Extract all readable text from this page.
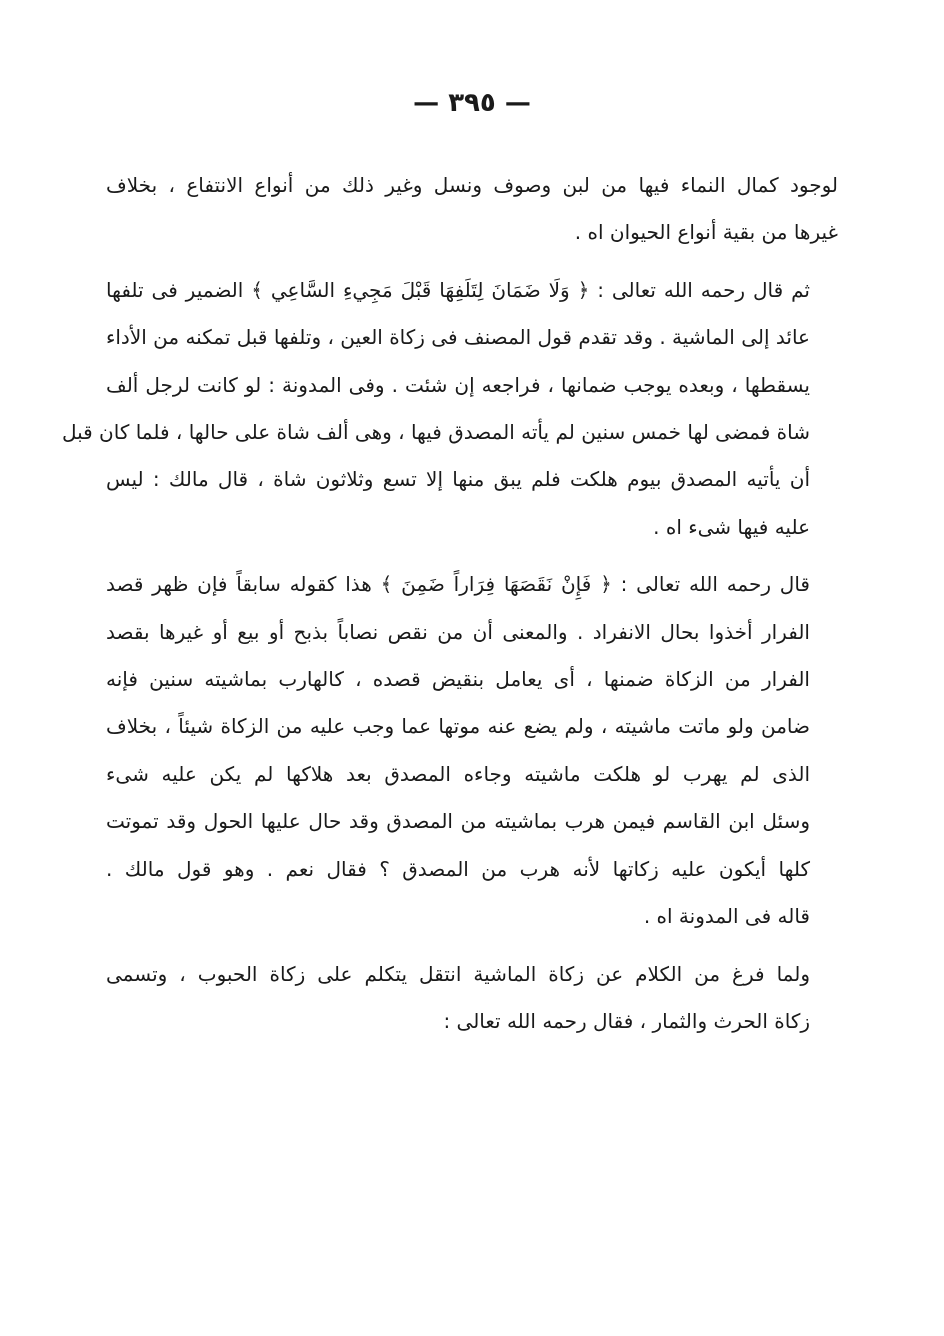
— ٣٩٥ —

لوجود كمال النماء فيها من لبن وصوف ونسل وغير ذلك من أنواع الانتفاع ، بخلاف
غيرها من بقية أنواع الحيوان اه .

ثم قال رحمه الله تعالى : ﴿ وَلَا ضَمَانَ لِتَلَفِهَا قَبْلَ مَجِيءِ السَّاعِي ﴾ الضمير فى تلفها
عائد إلى الماشية . وقد تقدم قول المصنف فى زكاة العين ، وتلفها قبل تمكنه من الأداء
يسقطها ، وبعده يوجب ضمانها ، فراجعه إن شئت . وفى المدونة : لو كانت لرجل ألف
شاة فمضى لها خمس سنين لم يأته المصدق فيها ، وهى ألف شاة على حالها ، فلما كان قبل
أن يأتيه المصدق بيوم هلكت فلم يبق منها إلا تسع وثلاثون شاة ، قال مالك : ليس
عليه فيها شىء اه .

قال رحمه الله تعالى : ﴿ فَإِنْ نَقَصَهَا فِرَاراً ضَمِنَ ﴾ هذا كقوله سابقاً فإن ظهر قصد
الفرار أخذوا بحال الانفراد . والمعنى أن من نقص نصاباً بذبح أو بيع أو غيرها بقصد
الفرار من الزكاة ضمنها ، أى يعامل بنقيض قصده ، كالهارب بماشيته سنين فإنه
ضامن ولو ماتت ماشيته ، ولم يضع عنه موتها عما وجب عليه من الزكاة شيئاً ، بخلاف
الذى لم يهرب لو هلكت ماشيته وجاءه المصدق بعد هلاكها لم يكن عليه شىء
وسئل ابن القاسم فيمن هرب بماشيته من المصدق وقد حال عليها الحول وقد تموتت
كلها أيكون عليه زكاتها لأنه هرب من المصدق ؟ فقال نعم . وهو قول مالك .
قاله فى المدونة اه .

ولما فرغ من الكلام عن زكاة الماشية انتقل يتكلم على زكاة الحبوب ، وتسمى
زكاة الحرث والثمار ، فقال رحمه الله تعالى :
